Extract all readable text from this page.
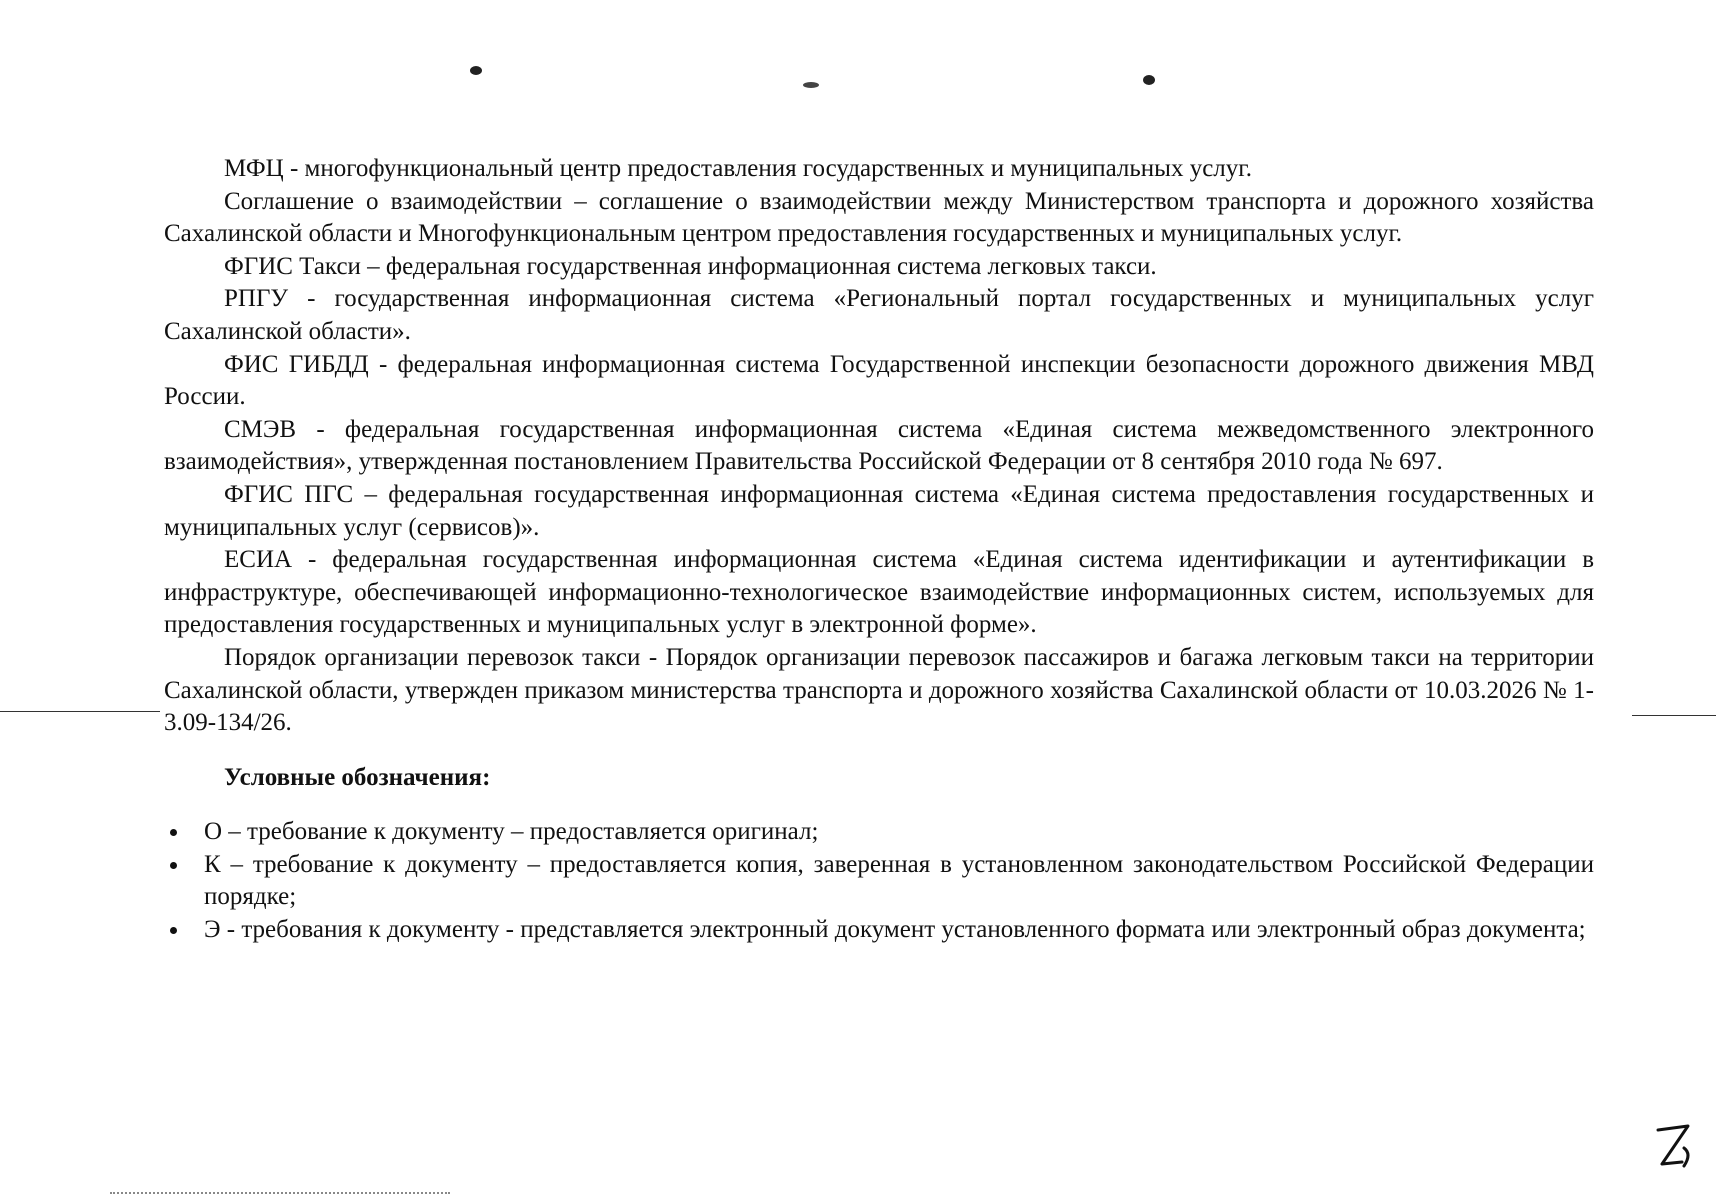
МФЦ - многофункциональный центр предоставления государственных и муниципальных услуг.

Соглашение о взаимодействии – соглашение о взаимодействии между Министерством транспорта и дорожного хозяйства Сахалинской области и Многофункциональным центром предоставления государственных и муниципальных услуг.

ФГИС Такси – федеральная государственная информационная система легковых такси.

РПГУ - государственная информационная система «Региональный портал государственных и муниципальных услуг Сахалинской области».

ФИС ГИБДД - федеральная информационная система Государственной инспекции безопасности дорожного движения МВД России.

СМЭВ - федеральная государственная информационная система «Единая система межведомственного электронного взаимодействия», утвержденная постановлением Правительства Российской Федерации от 8 сентября 2010 года № 697.

ФГИС ПГС – федеральная государственная информационная система «Единая система предоставления государственных и муниципальных услуг (сервисов)».

ЕСИА - федеральная государственная информационная система «Единая система идентификации и аутентификации в инфраструктуре, обеспечивающей информационно-технологическое взаимодействие информационных систем, используемых для предоставления государственных и муниципальных услуг в электронной форме».

Порядок организации перевозок такси - Порядок организации перевозок пассажиров и багажа легковым такси на территории Сахалинской области, утвержден приказом министерства транспорта и дорожного хозяйства Сахалинской области от 10.03.2026 № 1-3.09-134/26.

Условные обозначения:
О – требование к документу – предоставляется оригинал;
К – требование к документу – предоставляется копия, заверенная в установленном законодательством Российской Федерации порядке;
Э - требования к документу - представляется электронный документ установленного формата или электронный образ документа;
